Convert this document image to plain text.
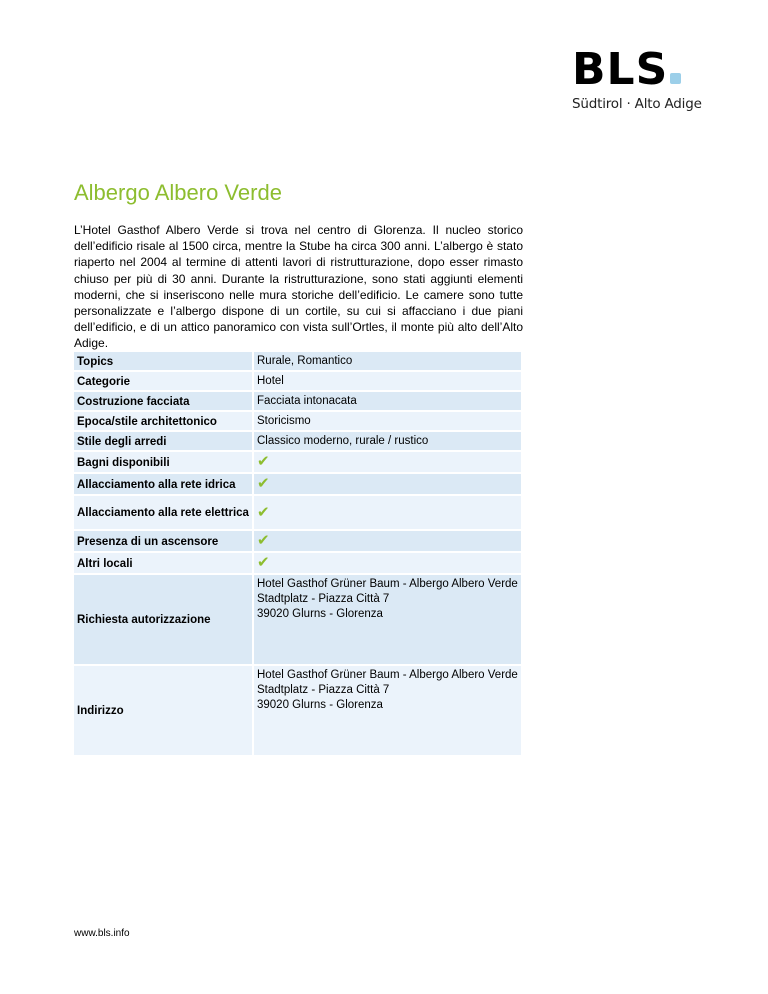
BLS
Südtirol · Alto Adige
Albergo Albero Verde

L’Hotel Gasthof Albero Verde si trova nel centro di Glorenza. Il nucleo storico dell’edificio risale al 1500 circa, mentre la Stube ha circa 300 anni. L’albergo è stato riaperto nel 2004 al termine di attenti lavori di ristrutturazione, dopo esser rimasto chiuso per più di 30 anni. Durante la ristrutturazione, sono stati aggiunti elementi moderni, che si inseriscono nelle mura storiche dell’edificio. Le camere sono tutte personalizzate e l’albergo dispone di un cortile, su cui si affacciano i due piani dell’edificio, e di un attico panoramico con vista sull’Ortles, il monte più alto dell’Alto Adige.

Topics	Rurale, Romantico
Categorie	Hotel
Costruzione facciata	Facciata intonacata
Epoca/stile architettonico	Storicismo
Stile degli arredi	Classico moderno, rurale / rustico
Bagni disponibili	✔
Allacciamento alla rete idrica	✔
Allacciamento alla rete elettrica	✔
Presenza di un ascensore	✔
Altri locali	✔
Richiesta autorizzazione	Hotel Gasthof Grüner Baum - Albergo Albero Verde
Stadtplatz - Piazza Città 7
39020 Glurns - Glorenza

Indirizzo	Hotel Gasthof Grüner Baum - Albergo Albero Verde
Stadtplatz - Piazza Città 7
39020 Glurns - Glorenza
www.bls.info
